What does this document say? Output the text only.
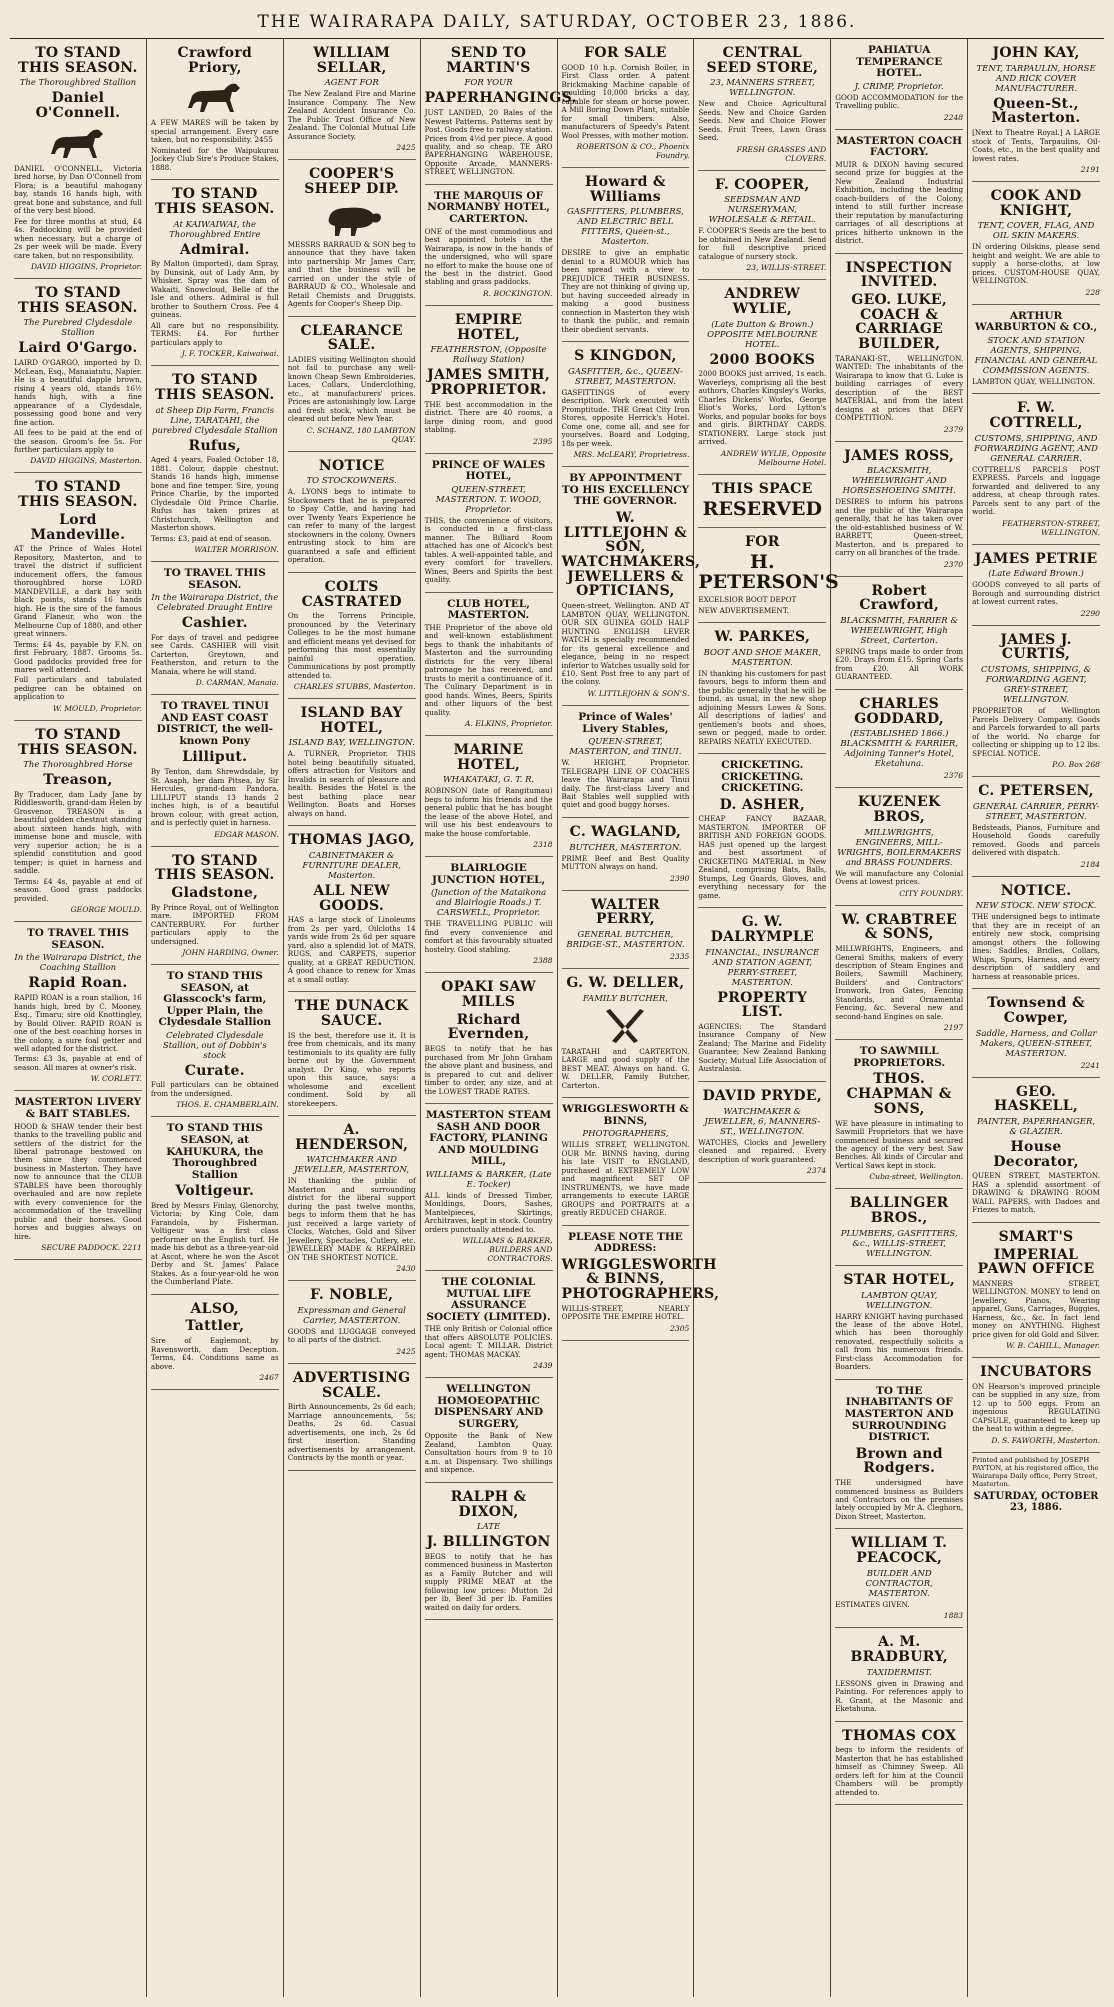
THE WAIRARAPA DAILY, SATURDAY, OCTOBER 23, 1886.
TO STAND THIS SEASON.
The Thoroughbred Stallion
Daniel O'Connell.

DANIEL O'CONNELL, Victoria bred horse, by Dan O'Connell from Flora; is a beautiful mahogany bay, stands 16 hands high, with great bone and substance, and full of the very best blood.

Fee for three months at stud, £4 4s. Paddocking will be provided when necessary, but a charge of 2s per week will be made. Every care taken, but no responsibility.

DAVID HIGGINS, Proprietor.
TO STAND THIS SEASON.
The Purebred Clydesdale Stallion
Laird O'Gargo.

LAIRD O'GARGO, imported by D. McLean, Esq., Manaiatutu, Napier. He is a beautiful dapple brown, rising 4 years old, stands 16½ hands high, with a fine appearance of a Clydesdale, possessing good bone and very fine action.

All fees to be paid at the end of the season. Groom's fee 5s. For further particulars apply to

DAVID HIGGINS, Masterton.
TO STAND THIS SEASON.
Lord Mandeville.

AT the Prince of Wales Hotel Repository, Masterton, and to travel the district if sufficient inducement offers, the famous thoroughbred horse LORD MANDEVILLE, a dark bay with black points, stands 16 hands high. He is the sire of the famous Grand Flaneur, who won the Melbourne Cup of 1880, and other great winners.

Terms: £4 4s, payable by F.N. on first February, 1887. Grooms 5s. Good paddocks provided free for mares well attended.

Full particulars and tabulated pedigree can be obtained on application to

W. MOULD, Proprietor.
TO STAND THIS SEASON.
The Thoroughbred Horse
Treason,

By Traducer, dam Lady Jane by Riddlesworth, grand-dam Helen by Grosvenor. TREASON is a beautiful golden chestnut standing about sixteen hands high, with immense bone and muscle, with very superior action; he is a splendid constitution and good temper; is quiet in harness and saddle.

Terms: £4 4s, payable at end of season. Good grass paddocks provided.

GEORGE MOULD.
TO TRAVEL THIS SEASON.
In the Wairarapa District, the Coaching Stallion
Rapid Roan.

RAPID ROAN is a roan stallion, 16 hands high, bred by C. Mooney, Esq., Timaru; sire old Knottingley, by Bould Oliver. RAPID ROAN is one of the best coaching horses in the colony, a sure foal getter and well adapted for the district.

Terms: £3 3s, payable at end of season. All mares at owner's risk.

W. CORLETT.
MASTERTON LIVERY & BAIT STABLES.

HOOD & SHAW tender their best thanks to the travelling public and settlers of the district for the liberal patronage bestowed on them since they commenced business in Masterton. They have now to announce that the CLUB STABLES have been thoroughly overhauled and are now replete with every convenience for the accommodation of the travelling public and their horses. Good horses and buggies always on hire.

SECURE PADDOCK. 2211
Crawford Priory,

A FEW MARES will be taken by special arrangement. Every care taken, but no responsibility. 2455

Nominated for the Waipukurau Jockey Club Sire's Produce Stakes, 1888.

TO STAND THIS SEASON.
At KAIWAIWAI, the Thoroughbred Entire
Admiral.

By Malton (imported), dam Spray, by Dunsink, out of Lady Ann, by Whisker. Spray was the dam of Wakaiti, Snowcloud, Belle of the Isle and others. Admiral is full brother to Southern Cross. Fee 4 guineas.

All care but no responsibility. TERMS: £4. For further particulars apply to

J. F. TOCKER, Kaiwaiwai.
TO STAND THIS SEASON.
at Sheep Dip Farm, Francis Line, TARATAHI, the purebred Clydesdale Stallion
Rufus,

Aged 4 years, Foaled October 18, 1881. Colour, dapple chestnut. Stands 16 hands high, immense bone and fine temper. Sire, young Prince Charlie, by the imported Clydesdale Old Prince Charlie. Rufus has taken prizes at Christchurch, Wellington and Masterton shows.

Terms: £3, paid at end of season.

WALTER MORRISON.
TO TRAVEL THIS SEASON.
In the Wairarapa District, the Celebrated Draught Entire
Cashier.

For days of travel and pedigree see Cards. CASHIER will visit Carterton, Greytown, and Featherston, and return to the Manaia, where he will stand.

D. CARMAN, Manaia.
TO TRAVEL TINUI AND EAST COAST DISTRICT, the well-known Pony
Lilliput.

By Tenton, dam Shrewdsdale, by St. Asaph, her dam Pitsea, by Sir Hercules, grand-dam Pandora. LILLIPUT stands 13 hands 2 inches high, is of a beautiful brown colour, with great action, and is perfectly quiet in harness.

EDGAR MASON.
TO STAND THIS SEASON.
Gladstone,

By Prince Royal, out of Wellington mare. IMPORTED FROM CANTERBURY. For further particulars apply to the undersigned.

JOHN HARDING, Owner.
TO STAND THIS SEASON, at Glasscock's farm, Upper Plain, the Clydesdale Stallion
Celebrated Clydesdale Stallion, out of Dobbin's stock
Curate.

Full particulars can be obtained from the undersigned.

THOS. E. CHAMBERLAIN.
TO STAND THIS SEASON, at KAHUKURA, the Thoroughbred Stallion
Voltigeur.

Bred by Messrs Finlay, Glenorchy, Victoria; by King Cole, dam Farandola, by Fisherman. Voltigeur was a first class performer on the English turf. He made his debut as a three-year-old at Ascot, where he won the Ascot Derby and St. James' Palace Stakes. As a four-year-old he won the Cumberland Plate.

ALSO,
Tattler,

Sire of Eaglemont, by Ravensworth, dam Deception. Terms, £4. Conditions same as above.

2467
WILLIAM SELLAR,
AGENT FOR

The New Zealand Fire and Marine Insurance Company. The New Zealand Accident Insurance Co. The Public Trust Office of New Zealand. The Colonial Mutual Life Assurance Society.

2425
COOPER'S SHEEP DIP.

MESSRS BARRAUD & SON beg to announce that they have taken into partnership Mr James Carr, and that the business will be carried on under the style of BARRAUD & CO., Wholesale and Retail Chemists and Druggists. Agents for Cooper's Sheep Dip.

CLEARANCE SALE.

LADIES visiting Wellington should not fail to purchase any well-known Cheap Sewn Embroideries, Laces, Collars, Underclothing, etc., at manufacturers' prices. Prices are astonishingly low. Large and fresh stock, which must be cleared out before New Year.

C. SCHANZ, 180 LAMBTON QUAY.
NOTICE
TO STOCKOWNERS.

A. LYONS begs to intimate to Stockowners that he is prepared to Spay Cattle, and having had over Twenty Years Experience he can refer to many of the largest stockowners in the colony. Owners entrusting stock to him are guaranteed a safe and efficient operation.

COLTS CASTRATED

On the Torrens Principle, pronounced by the Veterinary Colleges to be the most humane and efficient means yet devised for performing this most essentially painful operation. Communications by post promptly attended to.

CHARLES STUBBS, Masterton.
ISLAND BAY HOTEL,
ISLAND BAY, WELLINGTON.

A. TURNER, Proprietor. THIS hotel being beautifully situated, offers attraction for Visitors and Invalids in search of pleasure and health. Besides the Hotel is the best bathing place near Wellington. Boats and Horses always on hand.

THOMAS JAGO,
CABINETMAKER & FURNITURE DEALER, Masterton.
ALL NEW GOODS.

HAS a large stock of Linoleums from 2s per yard, Oilcloths 14 yards wide from 2s 6d per square yard, also a splendid lot of MATS, RUGS, and CARPETS, superior quality, at a GREAT REDUCTION. A good chance to renew for Xmas at a small outlay.

THE DUNACK SAUCE.

IS the best, therefore use it. It is free from chemicals, and its many testimonials to its quality are fully borne out by the Government analyst. Dr King, who reports upon this sauce, says: a wholesome and excellent condiment. Sold by all storekeepers.

A. HENDERSON,
WATCHMAKER AND JEWELLER, MASTERTON,

IN thanking the public of Masterton and surrounding district for the liberal support during the past twelve months, begs to inform them that he has just received a large variety of Clocks, Watches, Gold and Silver Jewellery, Spectacles, Cutlery, etc. JEWELLERY MADE & REPAIRED ON THE SHORTEST NOTICE.

2430
F. NOBLE,
Expressman and General Carrier, MASTERTON.

GOODS and LUGGAGE conveyed to all parts of the district.

2425
ADVERTISING SCALE.

Birth Announcements, 2s 6d each; Marriage announcements, 5s; Deaths, 2s 6d. Casual advertisements, one inch, 2s 6d first insertion. Standing advertisements by arrangement. Contracts by the month or year.

SEND TO MARTIN'S
FOR YOUR
PAPERHANGINGS.

JUST LANDED, 20 Bales of the Newest Patterns. Patterns sent by Post. Goods free to railway station. Prices from 4½d per piece. A good quality, and so cheap. TE ARO PAPERHANGING WAREHOUSE, Opposite Arcade, MANNERS-STREET, WELLINGTON.

THE MARQUIS OF NORMANBY HOTEL, CARTERTON.

ONE of the most commodious and best appointed hotels in the Wairarapa, is now in the hands of the undersigned, who will spare no effort to make the house one of the best in the district. Good stabling and grass paddocks.

R. BOCKINGTON.
EMPIRE HOTEL,
FEATHERSTON, (Opposite Railway Station)
JAMES SMITH, PROPRIETOR.

THE best accommodation in the district. There are 40 rooms, a large dining room, and good stabling.

2395
PRINCE OF WALES HOTEL,
QUEEN-STREET, MASTERTON. T. WOOD, Proprietor.

THIS, the convenience of visitors, is conducted in a first-class manner. The Billiard Room attached has one of Alcock's best tables. A well-appointed table, and every comfort for travellers. Wines, Beers and Spirits the best quality.

CLUB HOTEL, MASTERTON.

THE Proprietor of the above old and well-known establishment begs to thank the inhabitants of Masterton and the surrounding districts for the very liberal patronage he has received, and trusts to merit a continuance of it. The Culinary Department is in good hands. Wines, Beers, Spirits and other liquors of the best quality.

A. ELKINS, Proprietor.
MARINE HOTEL,
WHAKATAKI, G. T. R.

ROBINSON (late of Rangitumau) begs to inform his friends and the general public that he has bought the lease of the above Hotel, and will use his best endeavours to make the house comfortable.

2318
BLAIRLOGIE JUNCTION HOTEL,
(Junction of the Mataikona and Blairlogie Roads.) T. CARSWELL, Proprietor.

THE TRAVELLING PUBLIC will find every convenience and comfort at this favourably situated hostelry. Good stabling.

2388
OPAKI SAW MILLS
Richard Evernden,

BEGS to notify that he has purchased from Mr John Graham the above plant and business, and is prepared to cut and deliver timber to order, any size, and at the LOWEST TRADE RATES.

MASTERTON STEAM SASH AND DOOR FACTORY, PLANING AND MOULDING MILL,
WILLIAMS & BARKER, (Late E. Tocker)

ALL kinds of Dressed Timber, Mouldings, Doors, Sashes, Mantelpieces, Skirtings, Architraves, kept in stock. Country orders punctually attended to.

WILLIAMS & BARKER, BUILDERS AND CONTRACTORS.
THE COLONIAL MUTUAL LIFE ASSURANCE SOCIETY (LIMITED).

THE only British or Colonial office that offers ABSOLUTE POLICIES. Local agent: T. MILLAR. District agent: THOMAS MACKAY.

2439
WELLINGTON HOMOEOPATHIC DISPENSARY AND SURGERY,

Opposite the Bank of New Zealand, Lambton Quay. Consultation hours from 9 to 10 a.m. at Dispensary. Two shillings and sixpence.

RALPH & DIXON,
LATE
J. BILLINGTON

BEGS to notify that he has commenced business in Masterton as a Family Butcher and will supply PRIME MEAT at the following low prices: Mutton 2d per lb, Beef 3d per lb. Families waited on daily for orders.

FOR SALE

GOOD 10 h.p. Cornish Boiler, in First Class order. A patent Brickmaking Machine capable of moulding 10,000 bricks a day, capable for steam or horse power. A Mill Boring Down Plant, suitable for small timbers. Also, manufacturers of Speedy's Patent Wool Presses, with mother motion.

ROBERTSON & CO., Phoenix Foundry.
Howard & Williams
GASFITTERS, PLUMBERS, AND ELECTRIC BELL FITTERS, Queen-st., Masterton.

DESIRE to give an emphatic denial to a RUMOUR which has been spread with a view to PREJUDICE THEIR BUSINESS. They are not thinking of giving up, but having succeeded already in making a good business connection in Masterton they wish to thank the public, and remain their obedient servants.

S KINGDON,
GASFITTER, &c., QUEEN-STREET, MASTERTON.

GASFITTINGS of every description. Work executed with Promptitude. THE Great City Iron Stores, opposite Herrick's Hotel. Come one, come all, and see for yourselves. Board and Lodging, 18s per week.

MRS. McLEARY, Proprietress.
BY APPOINTMENT TO HIS EXCELLENCY THE GOVERNOR.
W. LITTLEJOHN & SON, WATCHMAKERS, JEWELLERS & OPTICIANS,

Queen-street, Wellington. AND AT LAMBTON QUAY, WELLINGTON. OUR SIX GUINEA GOLD HALF HUNTING ENGLISH LEVER WATCH is specially recommended for its general excellence and elegance, being in no respect inferior to Watches usually sold for £10. Sent Post free to any part of the colony.

W. LITTLEJOHN & SON'S.
Prince of Wales' Livery Stables,
QUEEN-STREET, MASTERTON, and TINUI.

W. HEIGHT, Proprietor. TELEGRAPH LINE OF COACHES leave the Wairarapa and Tinui daily. The first-class Livery and Bait Stables well supplied with quiet and good buggy horses.

C. WAGLAND,
BUTCHER, MASTERTON.

PRIME Beef and Best Quality MUTTON always on hand.

2390
WALTER PERRY,
GENERAL BUTCHER, BRIDGE-ST., MASTERTON.
2335
G. W. DELLER,
FAMILY BUTCHER,

TARATAHI and CARTERTON. LARGE and good supply of the BEST MEAT. Always on hand. G. W. DELLER, Family Butcher, Carterton.

WRIGGLESWORTH & BINNS,
PHOTOGRAPHERS,

WILLIS STREET, WELLINGTON. OUR Mr. BINNS having, during his late VISIT to ENGLAND, purchased at EXTREMELY LOW and magnificent SET OF INSTRUMENTS, we have made arrangements to execute LARGE GROUPS and PORTRAITS at a greatly REDUCED CHARGE.

PLEASE NOTE THE ADDRESS:
WRIGGLESWORTH & BINNS, PHOTOGRAPHERS,

WILLIS-STREET, NEARLY OPPOSITE THE EMPIRE HOTEL.

2305
CENTRAL SEED STORE,
23, MANNERS STREET, WELLINGTON.

New and Choice Agricultural Seeds. New and Choice Garden Seeds. New and Choice Flower Seeds. Fruit Trees, Lawn Grass Seed.

FRESH GRASSES AND CLOVERS.
F. COOPER,
SEEDSMAN AND NURSERYMAN, WHOLESALE & RETAIL.

F. COOPER'S Seeds are the best to be obtained in New Zealand. Send for full descriptive priced catalogue of nursery stock.

23, WILLIS-STREET.
ANDREW WYLIE,
(Late Dutton & Brown.) OPPOSITE MELBOURNE HOTEL.
2000 BOOKS

2000 BOOKS just arrived, 1s each. Waverleys, comprising all the best authors, Charles Kingsley's Works, Charles Dickens' Works, George Eliot's Works, Lord Lytton's Works, and popular books for boys and girls. BIRTHDAY CARDS. STATIONERY. Large stock just arrived.

ANDREW WYLIE, Opposite Melbourne Hotel.
THIS SPACE
RESERVED
FOR
H. PETERSON'S

EXCELSIOR BOOT DEPOT

NEW ADVERTISEMENT.

W. PARKES,
BOOT AND SHOE MAKER, MASTERTON.

IN thanking his customers for past favours, begs to inform them and the public generally that he will be found, as usual, in the new shop adjoining Messrs Lowes & Sons. All descriptions of ladies' and gentlemen's boots and shoes, sewn or pegged, made to order. REPAIRS NEATLY EXECUTED.

CRICKETING. CRICKETING. CRICKETING.
D. ASHER,

CHEAP FANCY BAZAAR, MASTERTON. IMPORTER OF BRITISH AND FOREIGN GOODS. HAS just opened up the largest and best assortment of CRICKETING MATERIAL in New Zealand, comprising Bats, Balls, Stumps, Leg Guards, Gloves, and everything necessary for the game.

G. W. DALRYMPLE
FINANCIAL, INSURANCE AND STATION AGENT, PERRY-STREET, MASTERTON.
PROPERTY LIST.

AGENCIES: The Standard Insurance Company of New Zealand; The Marine and Fidelity Guarantee; New Zealand Banking Society; Mutual Life Association of Australasia.

DAVID PRYDE,
WATCHMAKER & JEWELLER, 6, MANNERS-ST., WELLINGTON.

WATCHES, Clocks and Jewellery cleaned and repaired. Every description of work guaranteed.

2374
PAHIATUA TEMPERANCE HOTEL.
J. CRIMP, Proprietor.

GOOD ACCOMMODATION for the Travelling public.

2248
MASTERTON COACH FACTORY.

MUIR & DIXON having secured second prize for buggies at the New Zealand Industrial Exhibition, including the leading coach-builders of the Colony, intend to still further increase their reputation by manufacturing carriages of all descriptions at prices hitherto unknown in the district.

INSPECTION INVITED.
GEO. LUKE, COACH & CARRIAGE BUILDER,

TARANAKI-ST., WELLINGTON. WANTED: The inhabitants of the Wairarapa to know that G. Luke is building carriages of every description of the BEST MATERIAL, and from the latest designs at prices that DEFY COMPETITION.

2379
JAMES ROSS,
BLACKSMITH, WHEELWRIGHT AND HORSESHOEING SMITH.

DESIRES to inform his patrons and the public of the Wairarapa generally, that he has taken over the old-established business of W. BARRETT, Queen-street, Masterton, and is prepared to carry on all branches of the trade.

2370
Robert Crawford,
BLACKSMITH, FARRIER & WHEELWRIGHT, High Street, Carterton.

SPRING traps made to order from £20. Drays from £15. Spring Carts from £20. All WORK GUARANTEED.

CHARLES GODDARD,
(ESTABLISHED 1866.) BLACKSMITH & FARRIER, Adjoining Tanner's Hotel, Eketahuna.
2376
KUZENEK BROS,
MILLWRIGHTS, ENGINEERS, MILL-WRIGHTS, BOILERMAKERS and BRASS FOUNDERS.

We will manufacture any Colonial Ovens at lowest prices.

CITY FOUNDRY.
W. CRABTREE & SONS,

MILLWRIGHTS, Engineers, and General Smiths, makers of every description of Steam Engines and Boilers, Sawmill Machinery, Builders' and Contractors' Ironwork, Iron Gates, Fencing Standards, and Ornamental Fencing, &c. Several new and second-hand Engines on sale.

2197
TO SAWMILL PROPRIETORS.
THOS. CHAPMAN & SONS,

WE have pleasure in intimating to Sawmill Proprietors that we have commenced business and secured the agency of the very best Saw Benches. All kinds of Circular and Vertical Saws kept in stock.

Cuba-street, Wellington.
BALLINGER BROS.,
PLUMBERS, GASFITTERS, &c., WILLIS-STREET, WELLINGTON.
STAR HOTEL,
LAMBTON QUAY, WELLINGTON.

HARRY KNIGHT having purchased the lease of the above Hotel, which has been thoroughly renovated, respectfully solicits a call from his numerous friends. First-class Accommodation for Boarders.

TO THE INHABITANTS OF MASTERTON AND SURROUNDING DISTRICT.
Brown and Rodgers.

THE undersigned have commenced business as Builders and Contractors on the premises lately occupied by Mr A. Cleghorn, Dixon Street, Masterton.

WILLIAM T. PEACOCK,
BUILDER AND CONTRACTOR, MASTERTON.

ESTIMATES GIVEN.

1883
A. M. BRADBURY,
TAXIDERMIST.

LESSONS given in Drawing and Painting. For references apply to R. Grant, at the Masonic and Eketahuna.

THOMAS COX

begs to inform the residents of Masterton that he has established himself as Chimney Sweep. All orders left for him at the Council Chambers will be promptly attended to.

JOHN KAY,
TENT, TARPAULIN, HORSE AND RICK COVER MANUFACTURER.
Queen-St., Masterton.

[Next to Theatre Royal.] A LARGE stock of Tents, Tarpaulins, Oil-Coats, etc., in the best quality and lowest rates.

2191
COOK AND KNIGHT,
TENT, COVER, FLAG, AND OIL SKIN MAKERS.

IN ordering Oilskins, please send height and weight. We are able to supply a horse-cloths, at low prices. CUSTOM-HOUSE QUAY, WELLINGTON.

228
ARTHUR WARBURTON & CO.,
STOCK AND STATION AGENTS, SHIPPING, FINANCIAL AND GENERAL COMMISSION AGENTS.

LAMBTON QUAY, WELLINGTON.

F. W. COTTRELL,
CUSTOMS, SHIPPING, AND FORWARDING AGENT, AND GENERAL CARRIER.

COTTRELL'S PARCELS POST EXPRESS. Parcels and luggage forwarded and delivered to any address, at cheap through rates. Parcels sent to any part of the world.

FEATHERSTON-STREET, WELLINGTON.
JAMES PETRIE
(Late Edward Brown.)

GOODS conveyed to all parts of Borough and surrounding district at lowest current rates.

2290
JAMES J. CURTIS,
CUSTOMS, SHIPPING, & FORWARDING AGENT, GREY-STREET, WELLINGTON.

PROPRIETOR of Wellington Parcels Delivery Company. Goods and Parcels forwarded to all parts of the world. No charge for collecting or shipping up to 12 lbs. SPECIAL NOTICE.

P.O. Box 268
C. PETERSEN,
GENERAL CARRIER, PERRY-STREET, MASTERTON.

Bedsteads, Pianos, Furniture and Household Goods carefully removed. Goods and parcels delivered with dispatch.

2184
NOTICE.
NEW STOCK. NEW STOCK.

THE undersigned begs to intimate that they are in receipt of an entirely new stock, comprising amongst others the following lines: Saddles, Bridles, Collars, Whips, Spurs, Harness, and every description of saddlery and harness at reasonable prices.

Townsend & Cowper,
Saddle, Harness, and Collar Makers, QUEEN-STREET, MASTERTON.
2241
GEO. HASKELL,
PAINTER, PAPERHANGER, & GLAZIER.
House Decorator,

QUEEN STREET, MASTERTON. HAS a splendid assortment of DRAWING & DRAWING ROOM WALL PAPERS, with Dadoes and Friezes to match.

SMART'S
IMPERIAL PAWN OFFICE

MANNERS STREET, WELLINGTON. MONEY to lend on Jewellery, Pianos, Wearing apparel, Guns, Carriages, Buggies, Harness, &c., &c. In fact lend money on ANYTHING. Highest price given for old Gold and Silver.

W. B. CAHILL, Manager.
INCUBATORS

ON Hearson's improved principle can be supplied in any size, from 12 up to 500 eggs. From an ingenious REGULATING CAPSULE, guaranteed to keep up the heat to within a degree.

D. S. FAWORTH, Masterton.

Printed and published by JOSEPH PAYTON, at his registered office, the Wairarapa Daily office, Perry Street, Masterton.

SATURDAY, OCTOBER 23, 1886.
